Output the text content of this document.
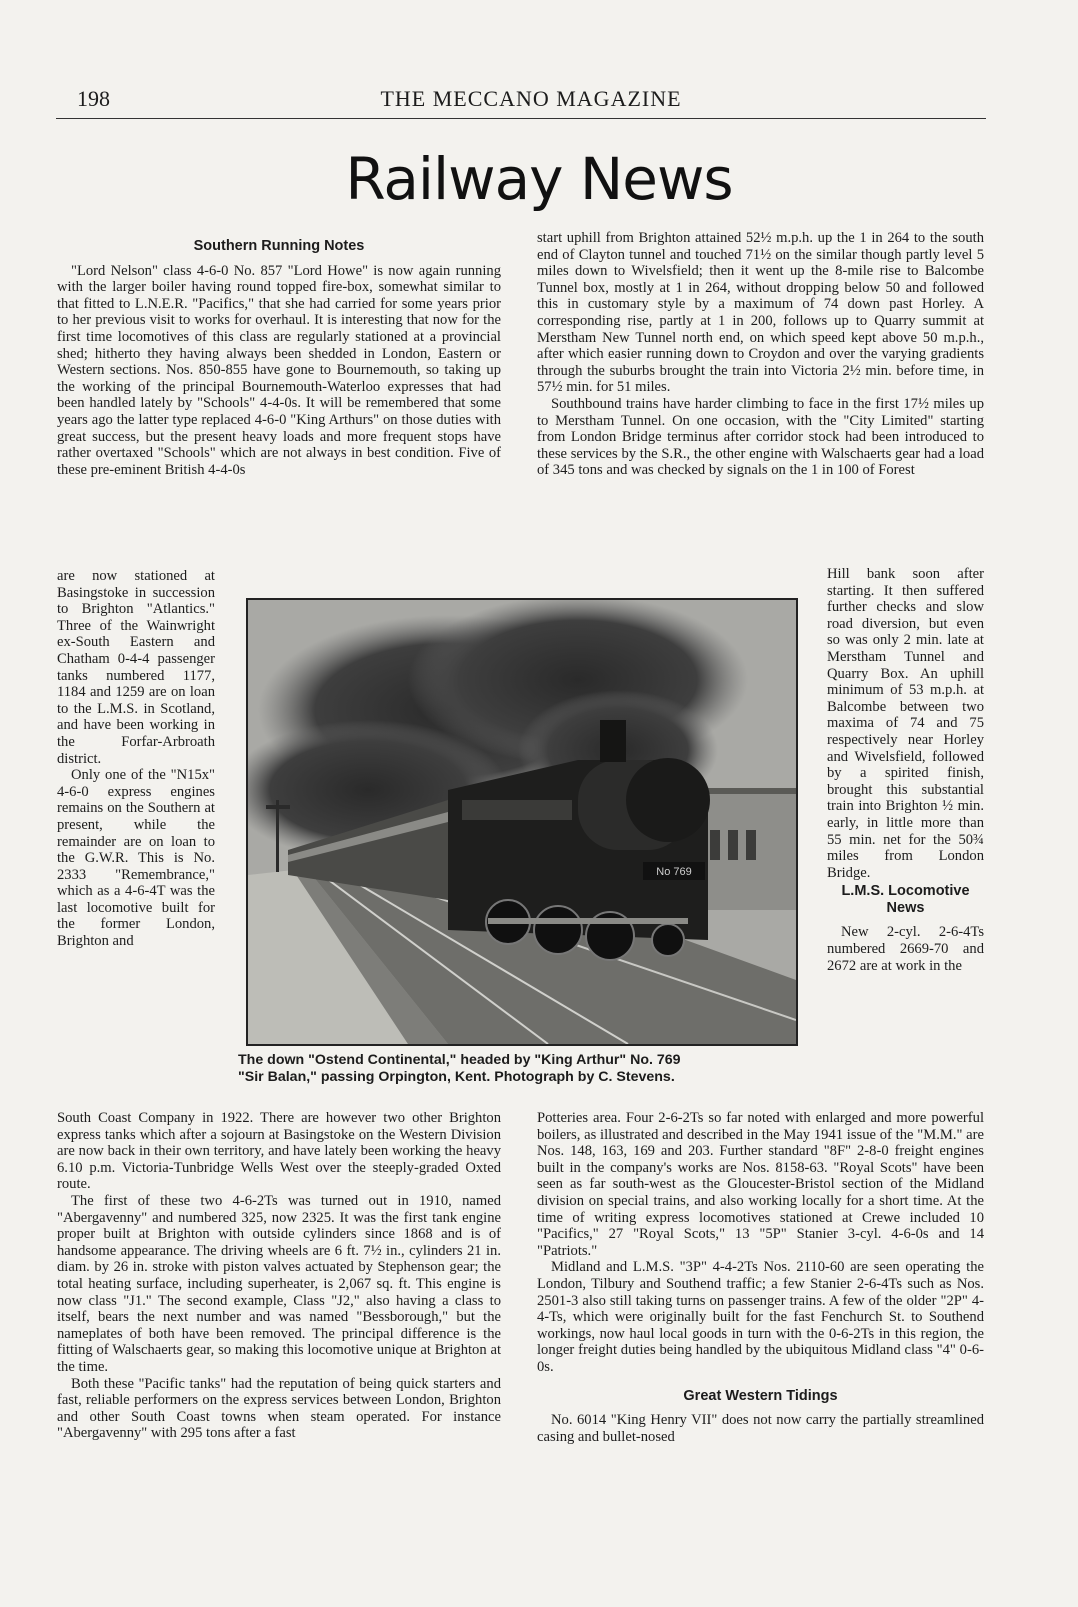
198	THE MECCANO MAGAZINE
Railway News
Southern Running Notes

"Lord Nelson" class 4-6-0 No. 857 "Lord Howe" is now again running with the larger boiler having round topped fire-box, somewhat similar to that fitted to L.N.E.R. "Pacifics," that she had carried for some years prior to her previous visit to works for overhaul. It is interesting that now for the first time locomotives of this class are regularly stationed at a provincial shed; hitherto they having always been shedded in London, Eastern or Western sections. Nos. 850-855 have gone to Bournemouth, so taking up the working of the principal Bournemouth-Waterloo expresses that had been handled lately by "Schools" 4-4-0s. It will be remembered that some years ago the latter type replaced 4-6-0 "King Arthurs" on those duties with great success, but the present heavy loads and more frequent stops have rather overtaxed "Schools" which are not always in best condition. Five of these pre-eminent British 4-4-0s

are now stationed at Basingstoke in succession to Brighton "Atlantics." Three of the Wainwright ex-South Eastern and Chatham 0-4-4 passenger tanks numbered 1177, 1184 and 1259 are on loan to the L.M.S. in Scotland, and have been working in the Forfar-Arbroath district.

Only one of the "N15x" 4-6-0 express engines remains on the Southern at present, while the remainder are on loan to the G.W.R. This is No. 2333 "Remembrance," which as a 4-6-4T was the last locomotive built for the former London, Brighton and

South Coast Company in 1922. There are however two other Brighton express tanks which after a sojourn at Basingstoke on the Western Division are now back in their own territory, and have lately been working the heavy 6.10 p.m. Victoria-Tunbridge Wells West over the steeply-graded Oxted route.

The first of these two 4-6-2Ts was turned out in 1910, named "Abergavenny" and numbered 325, now 2325. It was the first tank engine proper built at Brighton with outside cylinders since 1868 and is of handsome appearance. The driving wheels are 6 ft. 7½ in., cylinders 21 in. diam. by 26 in. stroke with piston valves actuated by Stephenson gear; the total heating surface, including superheater, is 2,067 sq. ft. This engine is now class "J1." The second example, Class "J2," also having a class to itself, bears the next number and was named "Bessborough," but the nameplates of both have been removed. The principal difference is the fitting of Walschaerts gear, so making this locomotive unique at Brighton at the time.

Both these "Pacific tanks" had the reputation of being quick starters and fast, reliable performers on the express services between London, Brighton and other South Coast towns when steam operated. For instance "Abergavenny" with 295 tons after a fast

start uphill from Brighton attained 52½ m.p.h. up the 1 in 264 to the south end of Clayton tunnel and touched 71½ on the similar though partly level 5 miles down to Wivelsfield; then it went up the 8-mile rise to Balcombe Tunnel box, mostly at 1 in 264, without dropping below 50 and followed this in customary style by a maximum of 74 down past Horley. A corresponding rise, partly at 1 in 200, follows up to Quarry summit at Merstham New Tunnel north end, on which speed kept above 50 m.p.h., after which easier running down to Croydon and over the varying gradients through the suburbs brought the train into Victoria 2½ min. before time, in 57½ min. for 51 miles.

Southbound trains have harder climbing to face in the first 17½ miles up to Merstham Tunnel. On one occasion, with the "City Limited" starting from London Bridge terminus after corridor stock had been introduced to these services by the S.R., the other engine with Walschaerts gear had a load of 345 tons and was checked by signals on the 1 in 100 of Forest

Hill bank soon after starting. It then suffered further checks and slow road diversion, but even so was only 2 min. late at Merstham Tunnel and Quarry Box. An uphill minimum of 53 m.p.h. at Balcombe between two maxima of 74 and 75 respectively near Horley and Wivelsfield, followed by a spirited finish, brought this substantial train into Brighton ½ min. early, in little more than 55 min. net for the 50¾ miles from London Bridge.

L.M.S. Locomotive News

New 2-cyl. 2-6-4Ts numbered 2669-70 and 2672 are at work in the

Potteries area. Four 2-6-2Ts so far noted with enlarged and more powerful boilers, as illustrated and described in the May 1941 issue of the "M.M." are Nos. 148, 163, 169 and 203. Further standard "8F" 2-8-0 freight engines built in the company's works are Nos. 8158-63. "Royal Scots" have been seen as far south-west as the Gloucester-Bristol section of the Midland division on special trains, and also working locally for a short time. At the time of writing express locomotives stationed at Crewe included 10 "Pacifics," 27 "Royal Scots," 13 "5P" Stanier 3-cyl. 4-6-0s and 14 "Patriots."

Midland and L.M.S. "3P" 4-4-2Ts Nos. 2110-60 are seen operating the London, Tilbury and Southend traffic; a few Stanier 2-6-4Ts such as Nos. 2501-3 also still taking turns on passenger trains. A few of the older "2P" 4-4-Ts, which were originally built for the fast Fenchurch St. to Southend workings, now haul local goods in turn with the 0-6-2Ts in this region, the longer freight duties being handled by the ubiquitous Midland class "4" 0-6-0s.

Great Western Tidings

No. 6014 "King Henry VII" does not now carry the partially streamlined casing and bullet-nosed

No 769
The down "Ostend Continental," headed by "King Arthur" No. 769
"Sir Balan," passing Orpington, Kent. Photograph by C. Stevens.
